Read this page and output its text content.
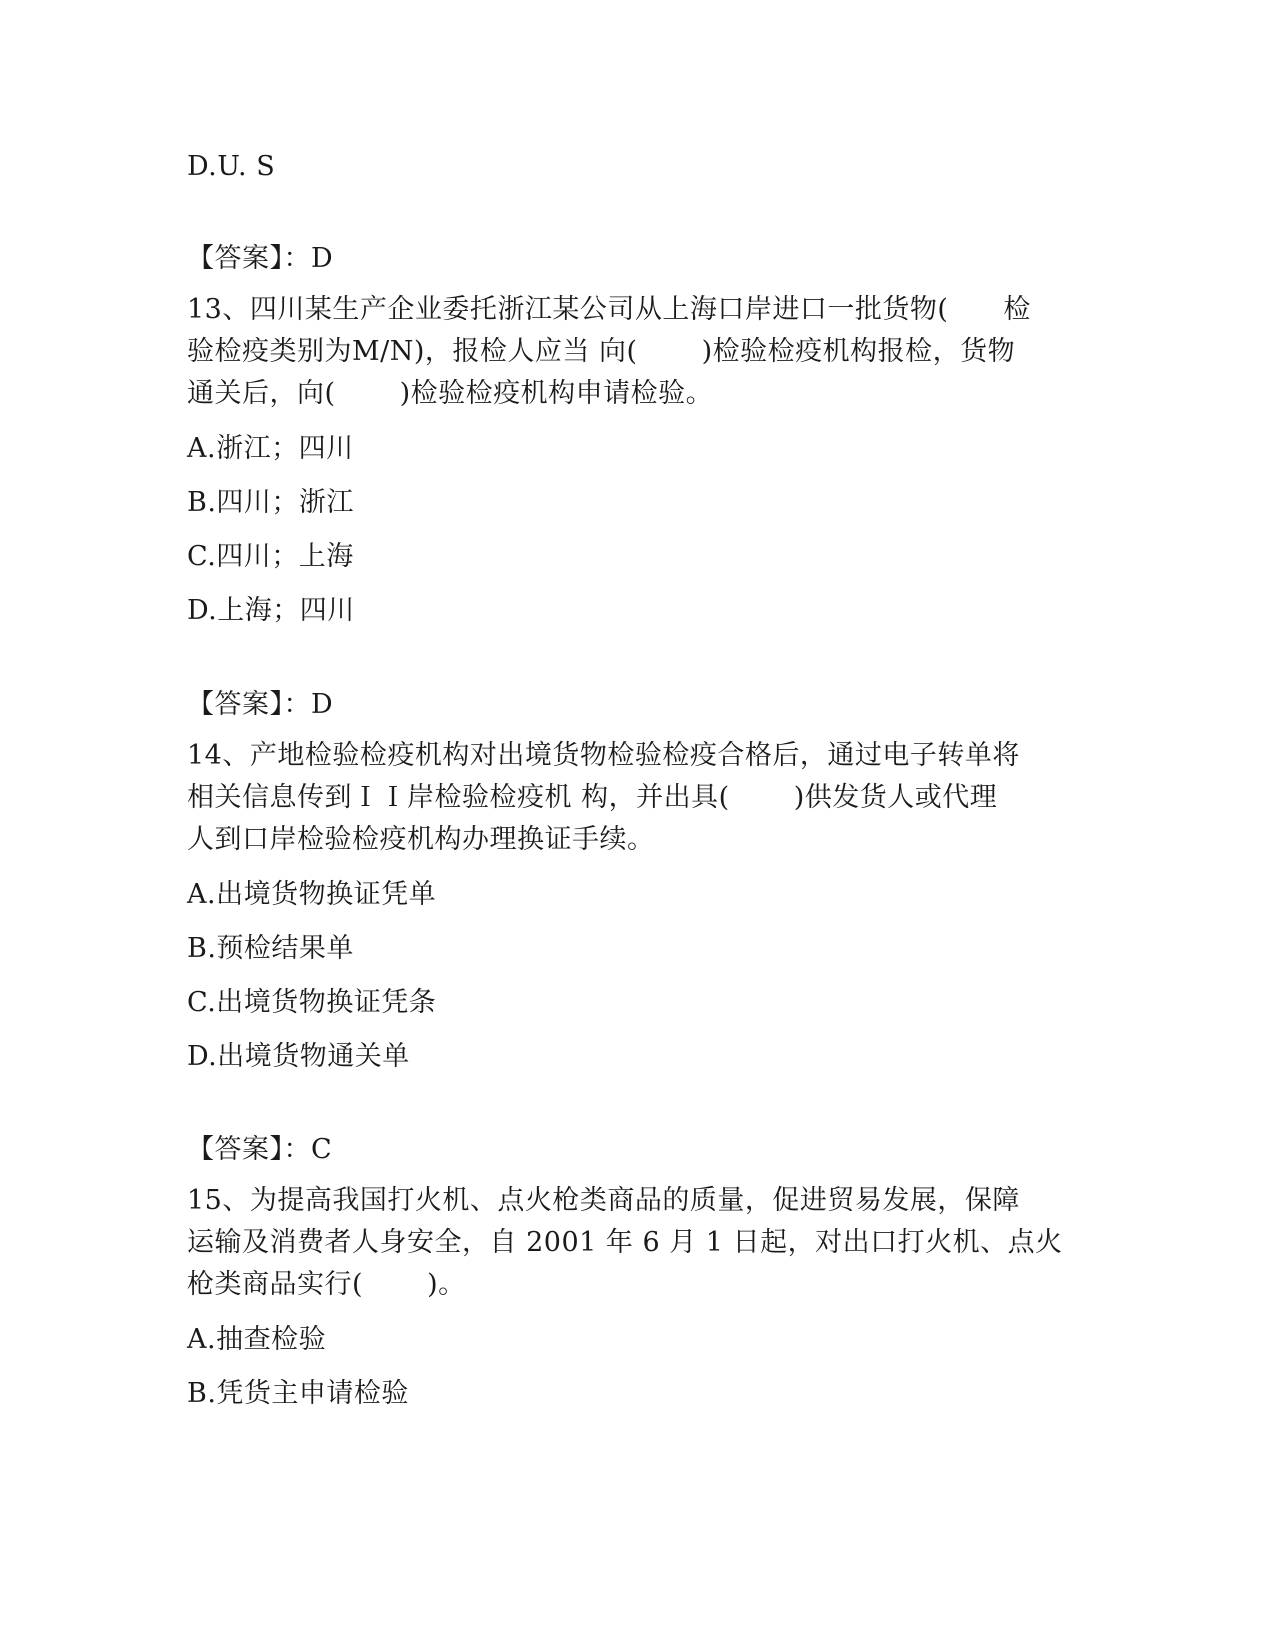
D.U. S
【答案】：D
13、四川某生产企业委托浙江某公司从上海口岸进口一批货物(　　检
验检疫类别为M/N)，报检人应当 向(　　 )检验检疫机构报检，货物
通关后，向(　　 )检验检疫机构申请检验。
A.浙江；四川
B.四川；浙江
C.四川；上海
D.上海；四川
【答案】：D
14、产地检验检疫机构对出境货物检验检疫合格后，通过电子转单将
相关信息传到ＩＩ岸检验检疫机 构，并出具(　　 )供发货人或代理
人到口岸检验检疫机构办理换证手续。
A.出境货物换证凭单
B.预检结果单
C.出境货物换证凭条
D.出境货物通关单
【答案】：C
15、为提高我国打火机、点火枪类商品的质量，促进贸易发展，保障
运输及消费者人身安全，自 2001 年 6 月 1 日起，对出口打火机、点火
枪类商品实行(　　 )。
A.抽查检验
B.凭货主申请检验
